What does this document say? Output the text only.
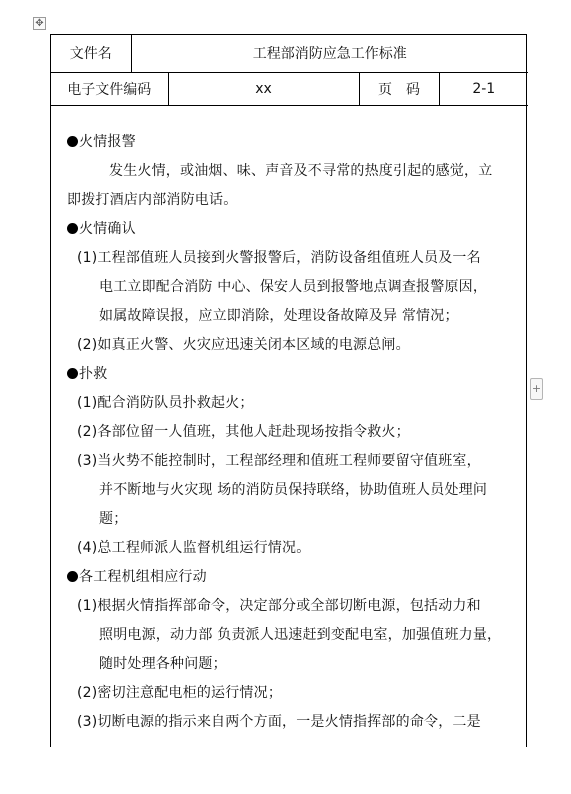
✥
+
文件名	工程部消防应急工作标准			
电子文件编码		xx	页　码	2-1
火情报警
发生火情，或油烟、味、声音及不寻常的热度引起的感觉，立
即拨打酒店内部消防电话。
火情确认
(1)工程部值班人员接到火警报警后，消防设备组值班人员及一名
电工立即配合消防 中心、保安人员到报警地点调查报警原因，
如属故障误报，应立即消除，处理设备故障及异 常情况；
(2)如真正火警、火灾应迅速关闭本区域的电源总闸。
扑救
(1)配合消防队员扑救起火；
(2)各部位留一人值班，其他人赶赴现场按指令救火；
(3)当火势不能控制时，工程部经理和值班工程师要留守值班室，
并不断地与火灾现 场的消防员保持联络，协助值班人员处理问
题；
(4)总工程师派人监督机组运行情况。
各工程机组相应行动
(1)根据火情指挥部命令，决定部分或全部切断电源，包括动力和
照明电源，动力部 负责派人迅速赶到变配电室，加强值班力量，
随时处理各种问题；
(2)密切注意配电柜的运行情况；
(3)切断电源的指示来自两个方面，一是火情指挥部的命令，二是
